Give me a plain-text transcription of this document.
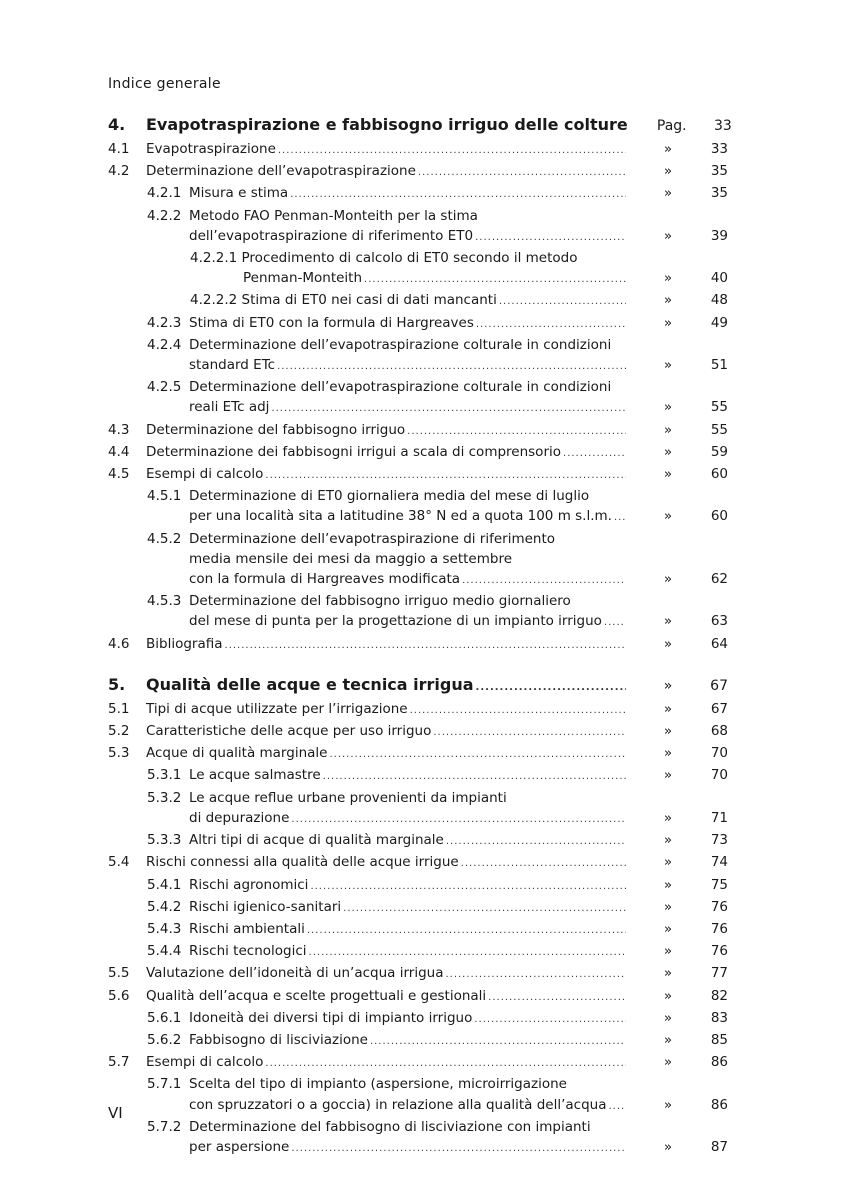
Indice generale
4. Evapotraspirazione e fabbisogno irriguo delle colture	Pag.	33
4.1 Evapotraspirazione .....	»	33
4.2 Determinazione dell’evapotraspirazione .....	»	35
4.2.1 Misura e stima .....	»	35
4.2.2 Metodo FAO Penman-Monteith per la stima
dell’evapotraspirazione di riferimento ET0 .....	»	39
4.2.2.1 Procedimento di calcolo di ET0 secondo il metodo
Penman-Monteith .....	»	40
4.2.2.2 Stima di ET0 nei casi di dati mancanti .....	»	48
4.2.3 Stima di ET0 con la formula di Hargreaves .....	»	49
4.2.4 Determinazione dell’evapotraspirazione colturale in condizioni
standard ETc .....	»	51
4.2.5 Determinazione dell’evapotraspirazione colturale in condizioni
reali ETc adj .....	»	55
4.3 Determinazione del fabbisogno irriguo .....	»	55
4.4 Determinazione dei fabbisogni irrigui a scala di comprensorio .....	»	59
4.5 Esempi di calcolo .....	»	60
4.5.1 Determinazione di ET0 giornaliera media del mese di luglio
per una località sita a latitudine 38° N ed a quota 100 m s.l.m. .....	»	60
4.5.2 Determinazione dell’evapotraspirazione di riferimento
media mensile dei mesi da maggio a settembre
con la formula di Hargreaves modificata .....	»	62
4.5.3 Determinazione del fabbisogno irriguo medio giornaliero
del mese di punta per la progettazione di un impianto irriguo .....	»	63
4.6 Bibliografia .....	»	64
5. Qualità delle acque e tecnica irrigua .....	»	67
5.1 Tipi di acque utilizzate per l’irrigazione .....	»	67
5.2 Caratteristiche delle acque per uso irriguo .....	»	68
5.3 Acque di qualità marginale .....	»	70
5.3.1 Le acque salmastre .....	»	70
5.3.2 Le acque reflue urbane provenienti da impianti
di depurazione .....	»	71
5.3.3 Altri tipi di acque di qualità marginale .....	»	73
5.4 Rischi connessi alla qualità delle acque irrigue .....	»	74
5.4.1 Rischi agronomici .....	»	75
5.4.2 Rischi igienico-sanitari .....	»	76
5.4.3 Rischi ambientali .....	»	76
5.4.4 Rischi tecnologici .....	»	76
5.5 Valutazione dell’idoneità di un’acqua irrigua .....	»	77
5.6 Qualità dell’acqua e scelte progettuali e gestionali .....	»	82
5.6.1 Idoneità dei diversi tipi di impianto irriguo .....	»	83
5.6.2 Fabbisogno di lisciviazione .....	»	85
5.7 Esempi di calcolo .....	»	86
5.7.1 Scelta del tipo di impianto (aspersione, microirrigazione
con spruzzatori o a goccia) in relazione alla qualità dell’acqua .....	»	86
5.7.2 Determinazione del fabbisogno di lisciviazione con impianti
per aspersione .....	»	87
VI
